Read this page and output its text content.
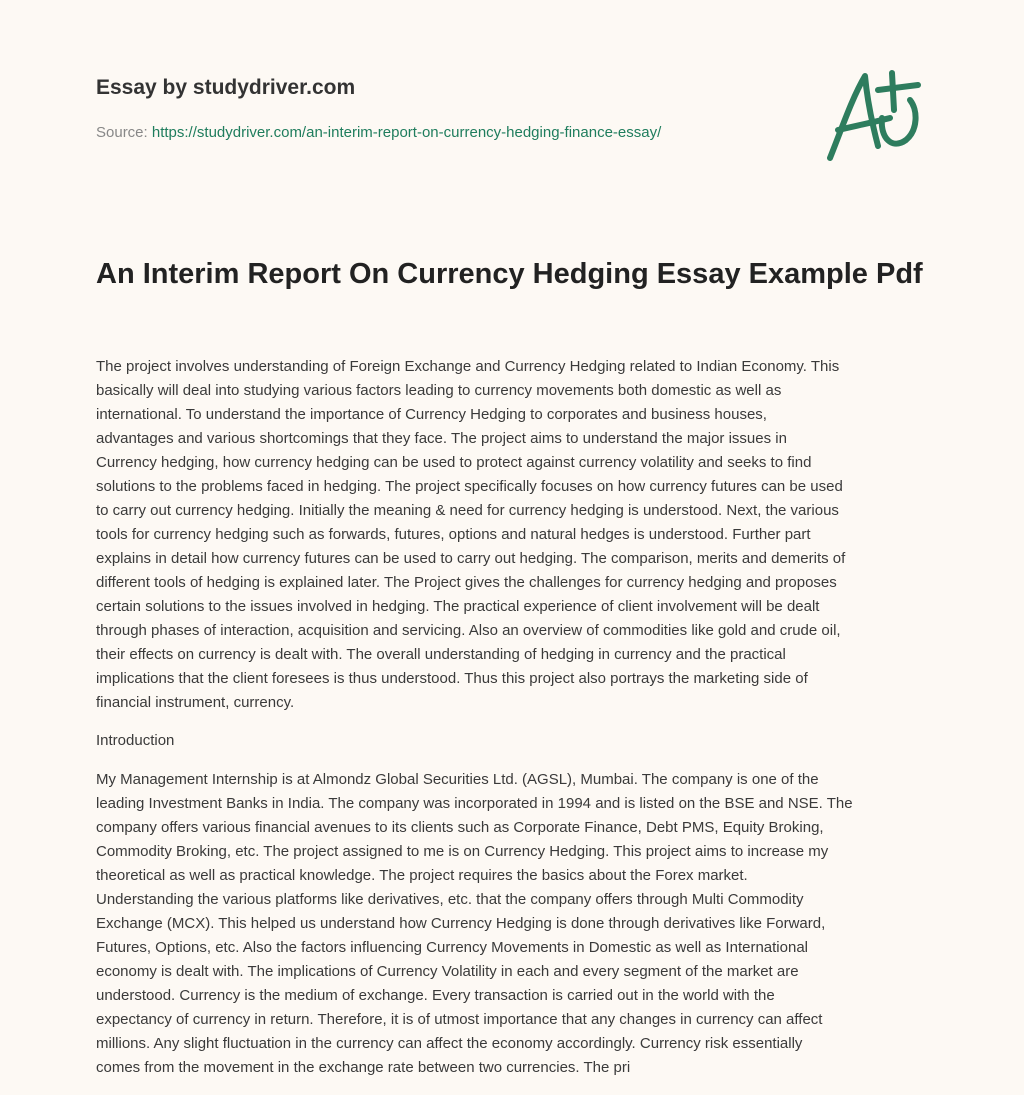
Essay by studydriver.com
Source: https://studydriver.com/an-interim-report-on-currency-hedging-finance-essay/
An Interim Report On Currency Hedging Essay Example Pdf
The project involves understanding of Foreign Exchange and Currency Hedging related to Indian Economy. This
basically will deal into studying various factors leading to currency movements both domestic as well as
international. To understand the importance of Currency Hedging to corporates and business houses,
advantages and various shortcomings that they face. The project aims to understand the major issues in
Currency hedging, how currency hedging can be used to protect against currency volatility and seeks to find
solutions to the problems faced in hedging. The project specifically focuses on how currency futures can be used
to carry out currency hedging. Initially the meaning & need for currency hedging is understood. Next, the various
tools for currency hedging such as forwards, futures, options and natural hedges is understood. Further part
explains in detail how currency futures can be used to carry out hedging. The comparison, merits and demerits of
different tools of hedging is explained later. The Project gives the challenges for currency hedging and proposes
certain solutions to the issues involved in hedging. The practical experience of client involvement will be dealt
through phases of interaction, acquisition and servicing. Also an overview of commodities like gold and crude oil,
their effects on currency is dealt with. The overall understanding of hedging in currency and the practical
implications that the client foresees is thus understood. Thus this project also portrays the marketing side of
financial instrument, currency.
Introduction
My Management Internship is at Almondz Global Securities Ltd. (AGSL), Mumbai. The company is one of the
leading Investment Banks in India. The company was incorporated in 1994 and is listed on the BSE and NSE. The
company offers various financial avenues to its clients such as Corporate Finance, Debt PMS, Equity Broking,
Commodity Broking, etc. The project assigned to me is on Currency Hedging. This project aims to increase my
theoretical as well as practical knowledge. The project requires the basics about the Forex market.
Understanding the various platforms like derivatives, etc. that the company offers through Multi Commodity
Exchange (MCX). This helped us understand how Currency Hedging is done through derivatives like Forward,
Futures, Options, etc. Also the factors influencing Currency Movements in Domestic as well as International
economy is dealt with. The implications of Currency Volatility in each and every segment of the market are
understood. Currency is the medium of exchange. Every transaction is carried out in the world with the
expectancy of currency in return. Therefore, it is of utmost importance that any changes in currency can affect
millions. Any slight fluctuation in the currency can affect the economy accordingly. Currency risk essentially
comes from the movement in the exchange rate between two currencies. The pri
